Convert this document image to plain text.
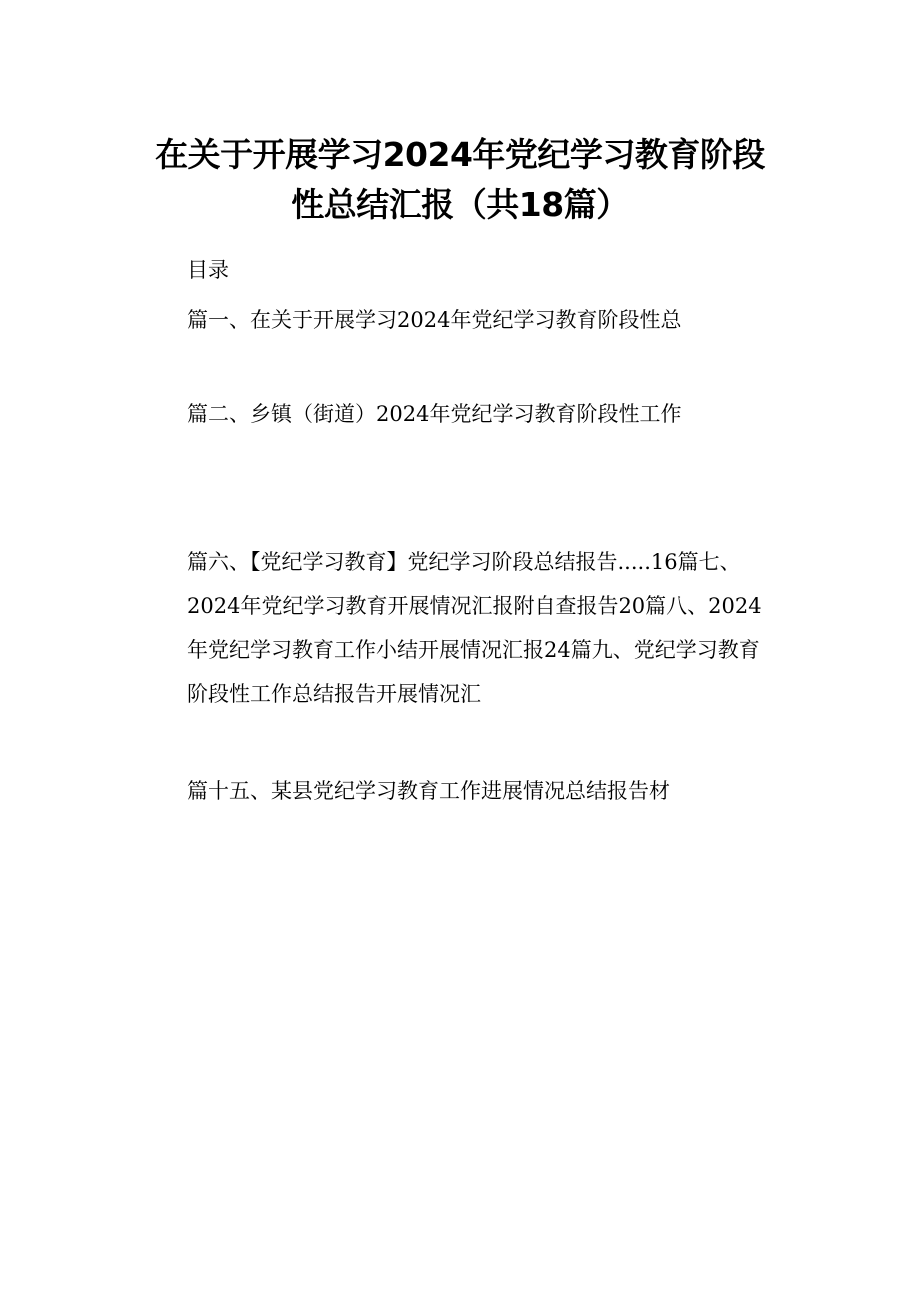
在关于开展学习2024年党纪学习教育阶段
性总结汇报（共18篇）
目录
篇一、在关于开展学习2024年党纪学习教育阶段性总
篇二、乡镇（街道）2024年党纪学习教育阶段性工作
篇六、【党纪学习教育】党纪学习阶段总结报告.....16篇七、
2024年党纪学习教育开展情况汇报附自查报告20篇八、2024
年党纪学习教育工作小结开展情况汇报24篇九、党纪学习教育
阶段性工作总结报告开展情况汇
篇十五、某县党纪学习教育工作进展情况总结报告材
